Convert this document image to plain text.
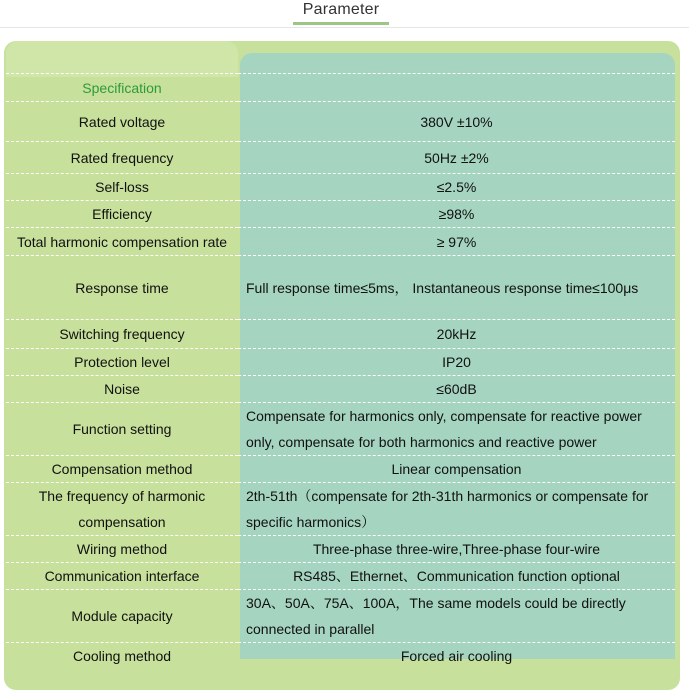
Parameter
Specification	
Rated voltage	380V ±10%
Rated frequency	50Hz ±2%
Self-loss	≤2.5%
Efficiency	≥98%
Total harmonic compensation rate	≥ 97%
Response time	Full response time≤5ms， Instantaneous response time≤100μs
Switching frequency	20kHz
Protection level	IP20
Noise	≤60dB
Function setting	Compensate for harmonics only, compensate for reactive power only, compensate for both harmonics and reactive power
Compensation method	Linear compensation
The frequency of harmonic compensation	2th-51th（compensate for 2th-31th harmonics or compensate for specific harmonics）
Wiring method	Three-phase three-wire,Three-phase four-wire
Communication interface	RS485、Ethernet、Communication function optional
Module capacity	30A、50A、75A、100A，The same models could be directly connected in parallel
Cooling method	Forced air cooling
